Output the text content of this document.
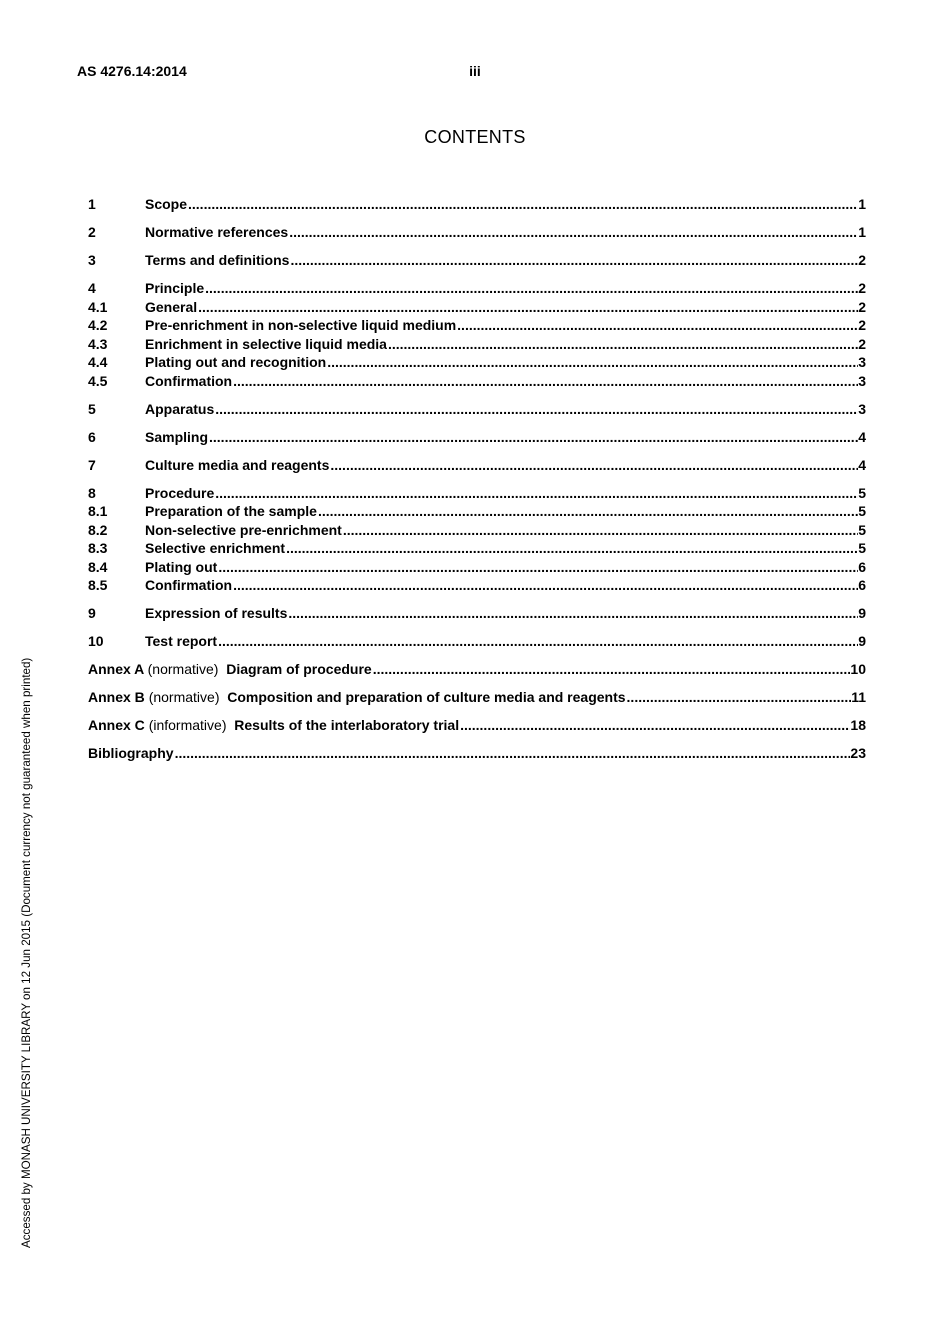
AS 4276.14:2014	iii
CONTENTS
1	Scope .....	1
2	Normative references .....	1
3	Terms and definitions .....	2
4	Principle .....	2
4.1	General .....	2
4.2	Pre-enrichment in non-selective liquid medium .....	2
4.3	Enrichment in selective liquid media .....	2
4.4	Plating out and recognition .....	3
4.5	Confirmation .....	3
5	Apparatus .....	3
6	Sampling .....	4
7	Culture media and reagents .....	4
8	Procedure .....	5
8.1	Preparation of the sample .....	5
8.2	Non-selective pre-enrichment .....	5
8.3	Selective enrichment .....	5
8.4	Plating out .....	6
8.5	Confirmation .....	6
9	Expression of results .....	9
10	Test report .....	9
Annex A (normative) Diagram of procedure .....	10
Annex B (normative) Composition and preparation of culture media and reagents .....	11
Annex C (informative) Results of the interlaboratory trial .....	18
Bibliography .....	23
Accessed by MONASH UNIVERSITY LIBRARY on 12 Jun 2015 (Document currency not guaranteed when printed)
